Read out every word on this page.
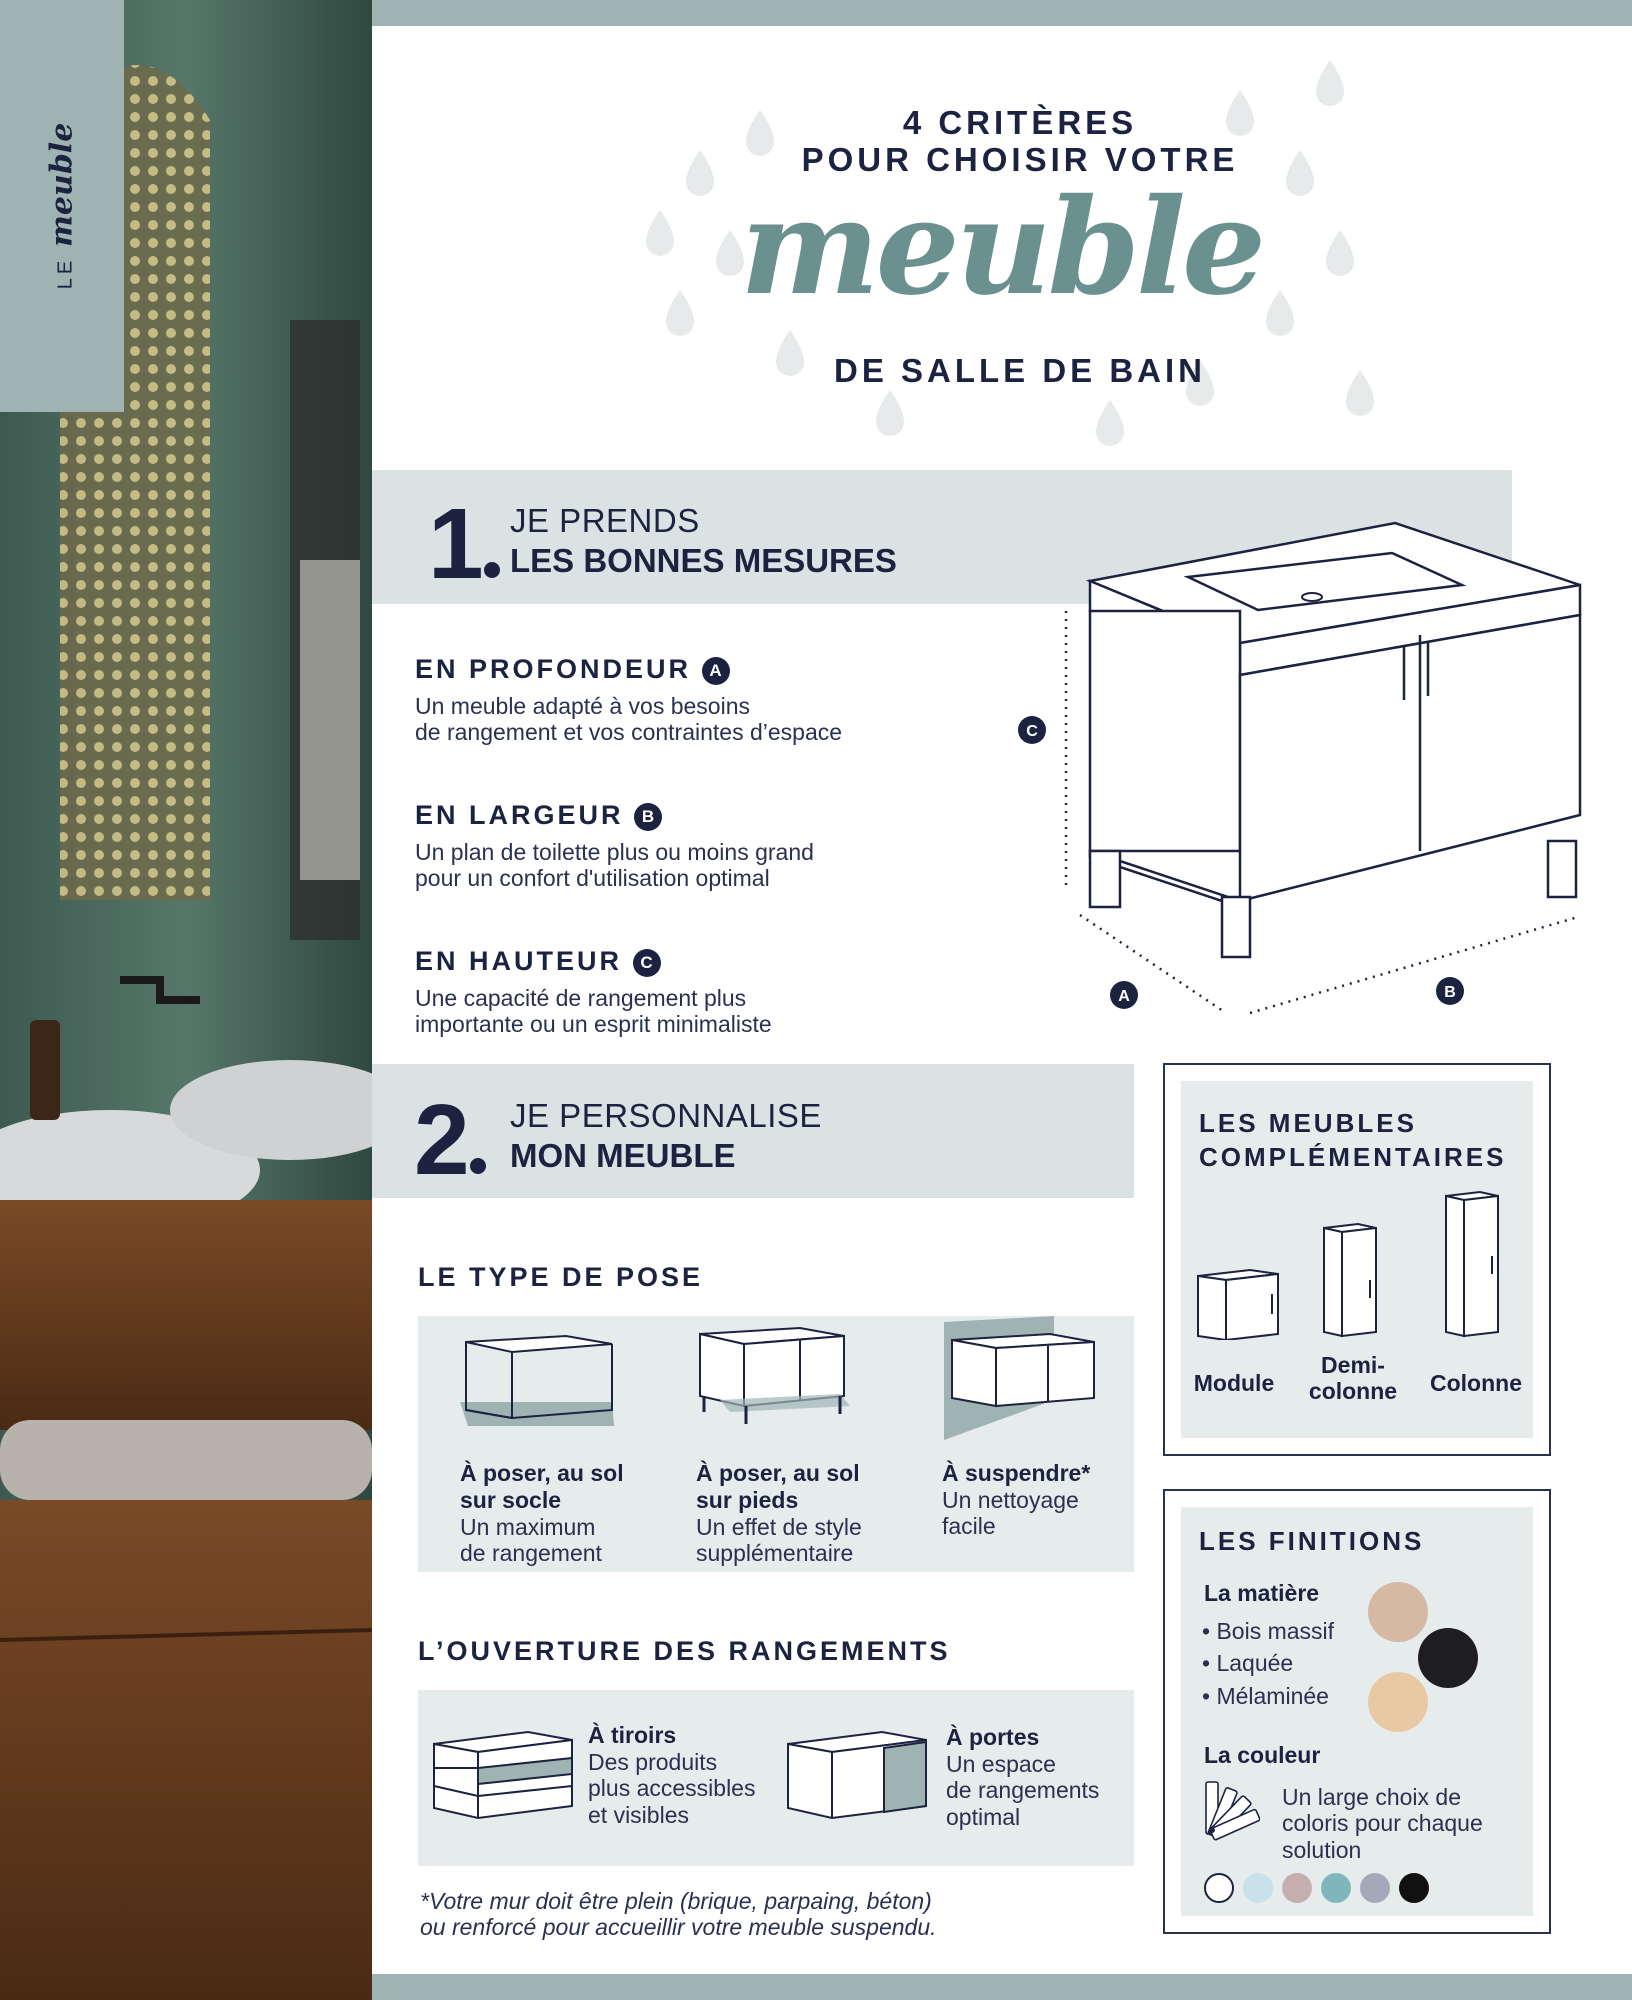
LEmeuble
4 CRITÈRES
POUR CHOISIR VOTRE
meuble
DE SALLE DE BAIN
1 JE PRENDS
LES BONNES MESURES
EN PROFONDEUR A
Un meuble adapté à vos besoins
de rangement et vos contraintes d’espace
EN LARGEUR B
Un plan de toilette plus ou moins grand
pour un confort d'utilisation optimal
EN HAUTEUR C
Une capacité de rangement plus
importante ou un esprit minimaliste
C
A	B
2	JE PERSONNALISE
MON MEUBLE
LE TYPE DE POSE
À poser, au sol
sur socle
Un maximum
de rangement
À poser, au sol
sur pieds
Un effet de style
supplémentaire
À suspendre*
Un nettoyage
facile
L’OUVERTURE DES RANGEMENTS
À tiroirs
Des produits
plus accessibles
et visibles
À portes
Un espace
de rangements
optimal
*Votre mur doit être plein (brique, parpaing, béton)
ou renforcé pour accueillir votre meuble suspendu.
LES MEUBLES
COMPLÉMENTAIRES
Module
Demi-
colonne	Colonne
LES FINITIONS
La matière
• Bois massif
• Laquée
• Mélaminée
La couleur
Un large choix de
coloris pour chaque
solution
